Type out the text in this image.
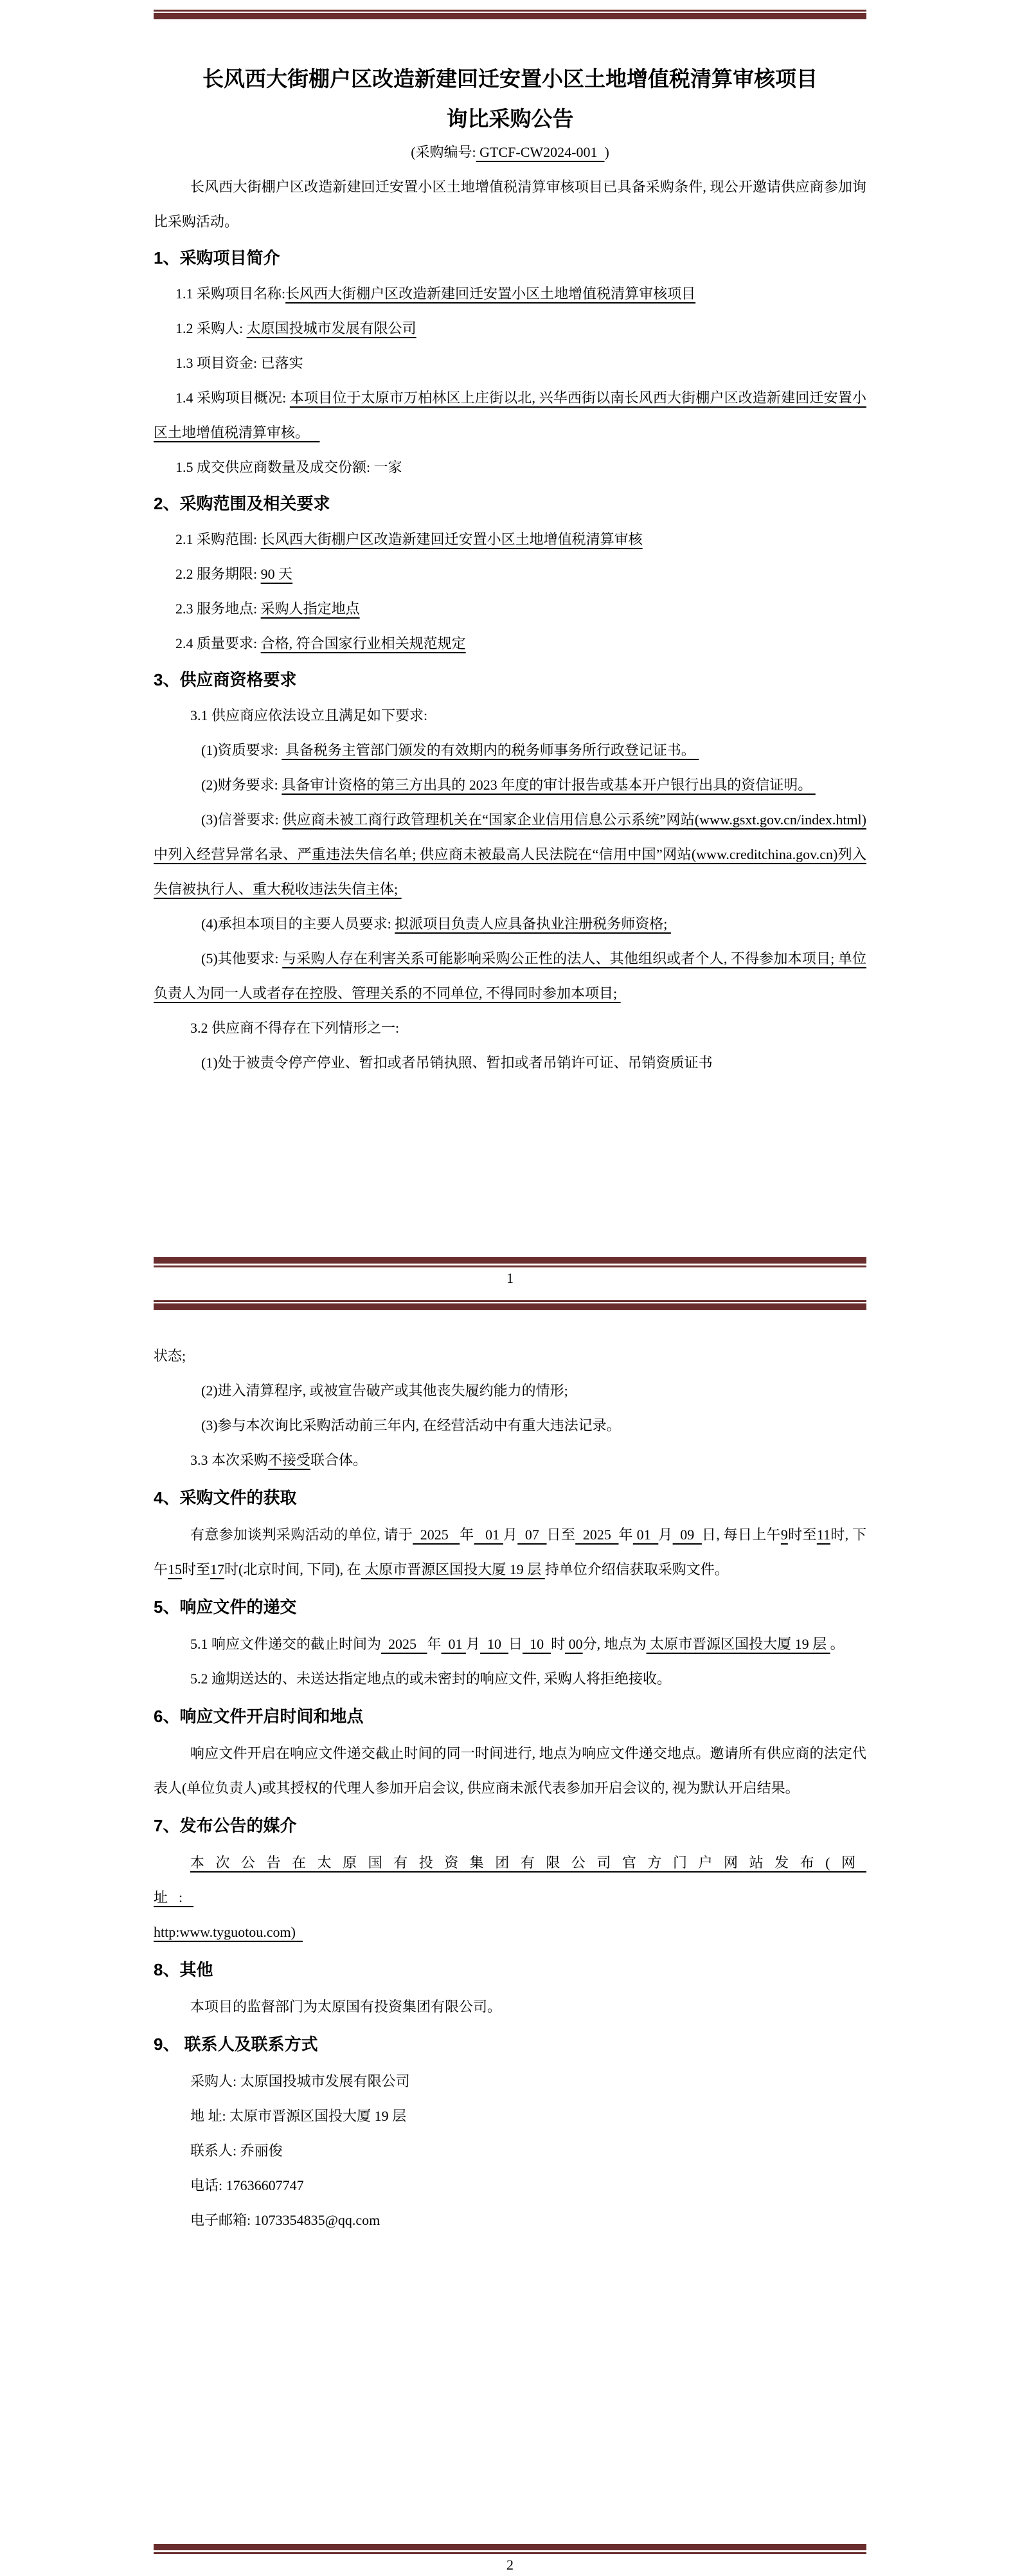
长风西大街棚户区改造新建回迁安置小区土地增值税清算审核项目

询比采购公告

(采购编号: GTCF-CW2024-001  )

长风西大街棚户区改造新建回迁安置小区土地增值税清算审核项目已具备采购条件, 现公开邀请供应商参加询比采购活动。

1、采购项目简介

1.1 采购项目名称:长风西大街棚户区改造新建回迁安置小区土地增值税清算审核项目

1.2 采购人: 太原国投城市发展有限公司

1.3 项目资金: 已落实

1.4 采购项目概况: 本项目位于太原市万柏林区上庄街以北, 兴华西街以南长风西大街棚户区改造新建回迁安置小区土地增值税清算审核。

1.5 成交供应商数量及成交份额: 一家

2、采购范围及相关要求

2.1 采购范围: 长风西大街棚户区改造新建回迁安置小区土地增值税清算审核

2.2 服务期限: 90 天

2.3 服务地点: 采购人指定地点

2.4 质量要求: 合格, 符合国家行业相关规范规定

3、供应商资格要求

3.1 供应商应依法设立且满足如下要求:

(1)资质要求:  具备税务主管部门颁发的有效期内的税务师事务所行政登记证书。

(2)财务要求: 具备审计资格的第三方出具的 2023 年度的审计报告或基本开户银行出具的资信证明。

(3)信誉要求: 供应商未被工商行政管理机关在“国家企业信用信息公示系统”网站(www.gsxt.gov.cn/index.html)中列入经营异常名录、严重违法失信名单; 供应商未被最高人民法院在“信用中国”网站(www.creditchina.gov.cn)列入失信被执行人、重大税收违法失信主体;

(4)承担本项目的主要人员要求: 拟派项目负责人应具备执业注册税务师资格;

(5)其他要求: 与采购人存在利害关系可能影响采购公正性的法人、其他组织或者个人, 不得参加本项目; 单位负责人为同一人或者存在控股、管理关系的不同单位, 不得同时参加本项目;

3.2 供应商不得存在下列情形之一:

(1)处于被责令停产停业、暂扣或者吊销执照、暂扣或者吊销许可证、吊销资质证书

1

状态;

(2)进入清算程序, 或被宣告破产或其他丧失履约能力的情形;

(3)参与本次询比采购活动前三年内, 在经营活动中有重大违法记录。

3.3 本次采购不接受联合体。

4、采购文件的获取

有意参加谈判采购活动的单位, 请于  2025   年   01 月  07  日至  2025  年 01  月  09  日, 每日上午9时至11时, 下午15时至17时(北京时间, 下同), 在 太原市晋源区国投大厦 19 层 持单位介绍信获取采购文件。

5、响应文件的递交

5.1 响应文件递交的截止时间为  2025   年  01 月  10  日  10  时 00分, 地点为 太原市晋源区国投大厦 19 层 。

5.2 逾期送达的、未送达指定地点的或未密封的响应文件, 采购人将拒绝接收。

6、响应文件开启时间和地点

响应文件开启在响应文件递交截止时间的同一时间进行, 地点为响应文件递交地点。邀请所有供应商的法定代表人(单位负责人)或其授权的代理人参加开启会议, 供应商未派代表参加开启会议的, 视为默认开启结果。

7、发布公告的媒介

本次公告在太原国有投资集团有限公司官方门户网站发布(网址:
http:www.tyguotou.com)

8、其他

本项目的监督部门为太原国有投资集团有限公司。

9、 联系人及联系方式

采购人: 太原国投城市发展有限公司

地 址: 太原市晋源区国投大厦 19 层

联系人: 乔丽俊

电话: 17636607747

电子邮箱: 1073354835@qq.com

2
